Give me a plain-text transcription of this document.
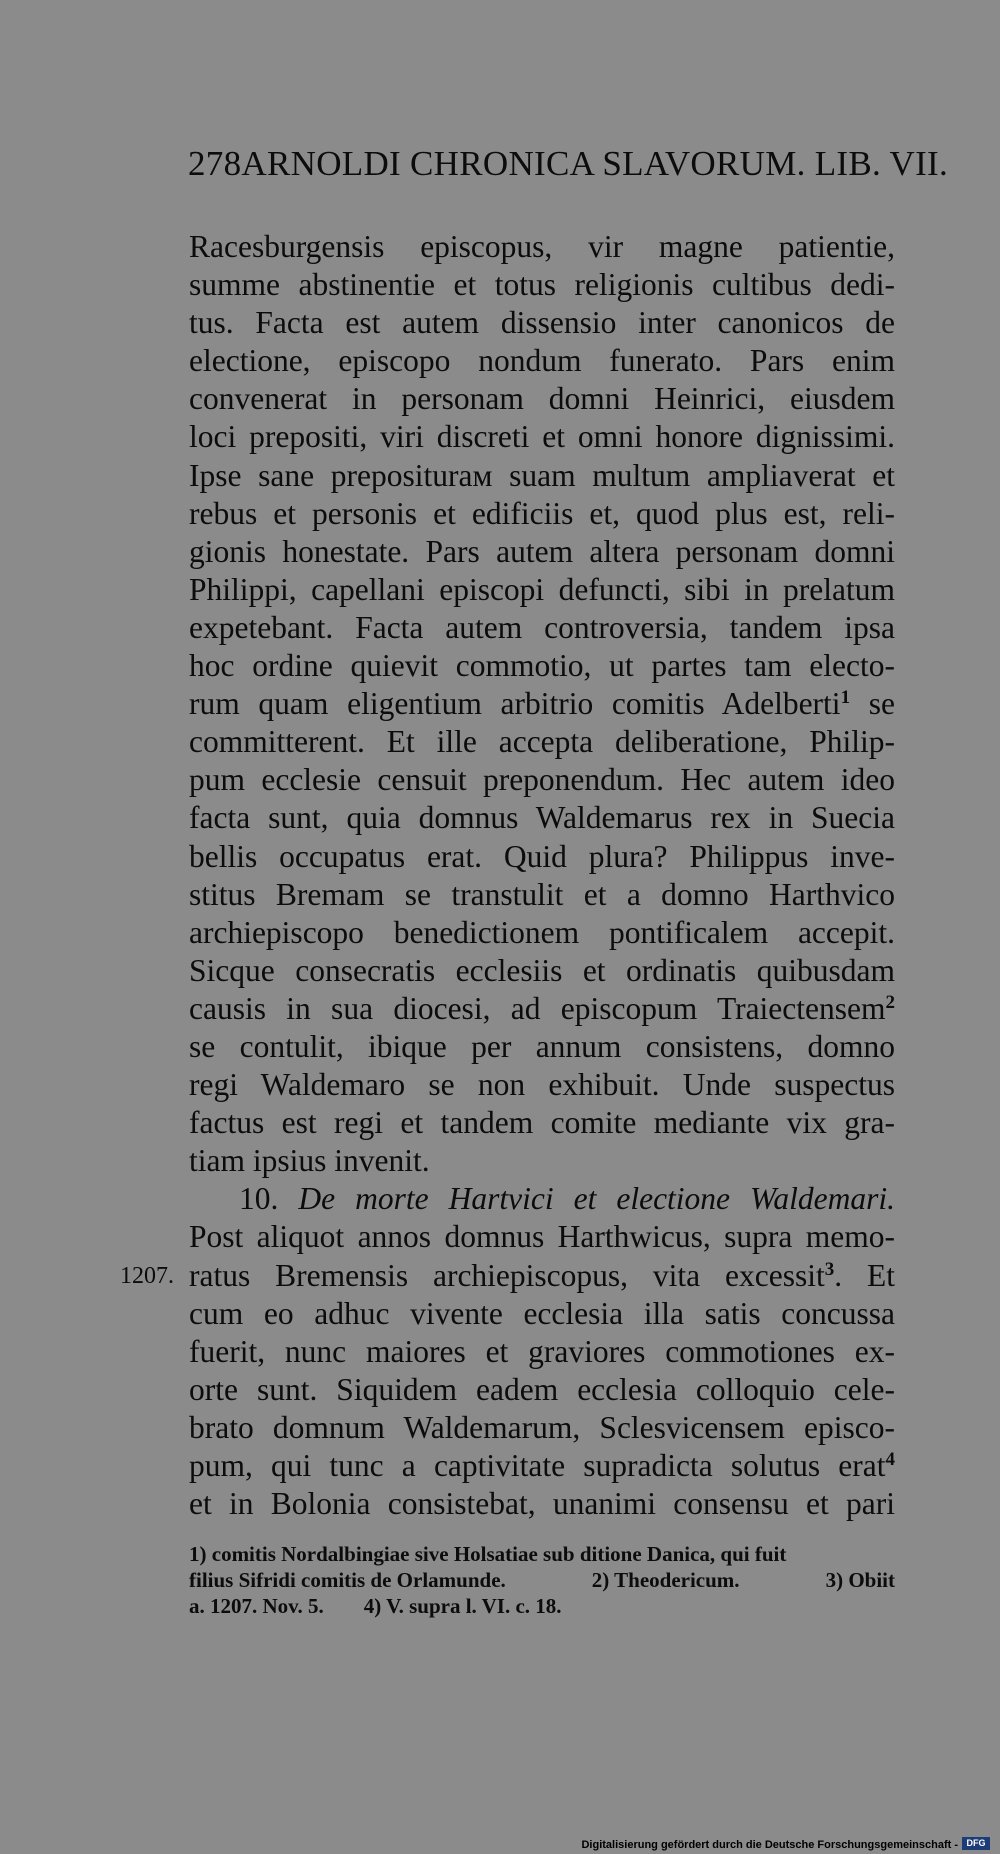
278 ARNOLDI CHRONICA SLAVORUM. LIB. VII.
Racesburgensis episcopus, vir magne patientie,
summe abstinentie et totus religionis cultibus dedi-
tus. Facta est autem dissensio inter canonicos de
electione, episcopo nondum funerato. Pars enim
convenerat in personam domni Heinrici, eiusdem
loci prepositi, viri discreti et omni honore dignissimi.
Ipse sane prepositurам suam multum ampliaverat et
rebus et personis et edificiis et, quod plus est, reli-
gionis honestate. Pars autem altera personam domni
Philippi, capellani episcopi defuncti, sibi in prelatum
expetebant. Facta autem controversia, tandem ipsa
hoc ordine quievit commotio, ut partes tam electo-
rum quam eligentium arbitrio comitis Adelberti$^1$ se
committerent. Et ille accepta deliberatione, Philip-
pum ecclesie censuit preponendum. Hec autem ideo
facta sunt, quia domnus Waldemarus rex in Suecia
bellis occupatus erat. Quid plura? Philippus inve-
stitus Bremam se transtulit et a domno Harthvico
archiepiscopo benedictionem pontificalem accepit.
Sicque consecratis ecclesiis et ordinatis quibusdam
causis in sua diocesi, ad episcopum Traiectensem$^2$
se contulit, ibique per annum consistens, domno
regi Waldemaro se non exhibuit. Unde suspectus
factus est regi et tandem comite mediante vix gra-
tiam ipsius invenit.
10. De morte Hartvici et electione Waldemari.
Post aliquot annos domnus Harthwicus, supra memo-
1207. ratus Bremensis archiepiscopus, vita excessit$^3$. Et
cum eo adhuc vivente ecclesia illa satis concussa
fuerit, nunc maiores et graviores commotiones ex-
orte sunt. Siquidem eadem ecclesia colloquio cele-
brato domnum Waldemarum, Sclesvicensem episco-
pum, qui tunc a captivitate supradicta solutus erat$^4$
et in Bolonia consistebat, unanimi consensu et pari
1) comitis Nordalbingiae sive Holsatiae sub ditione Danica, qui fuit
filius Sifridi comitis de Orlamunde.	2) Theodericum.	3) Obiit
a. 1207. Nov. 5. 4) V. supra l. VI. c. 18.
Digitalisierung gefördert durch die Deutsche Forschungsgemeinschaft - DFG
